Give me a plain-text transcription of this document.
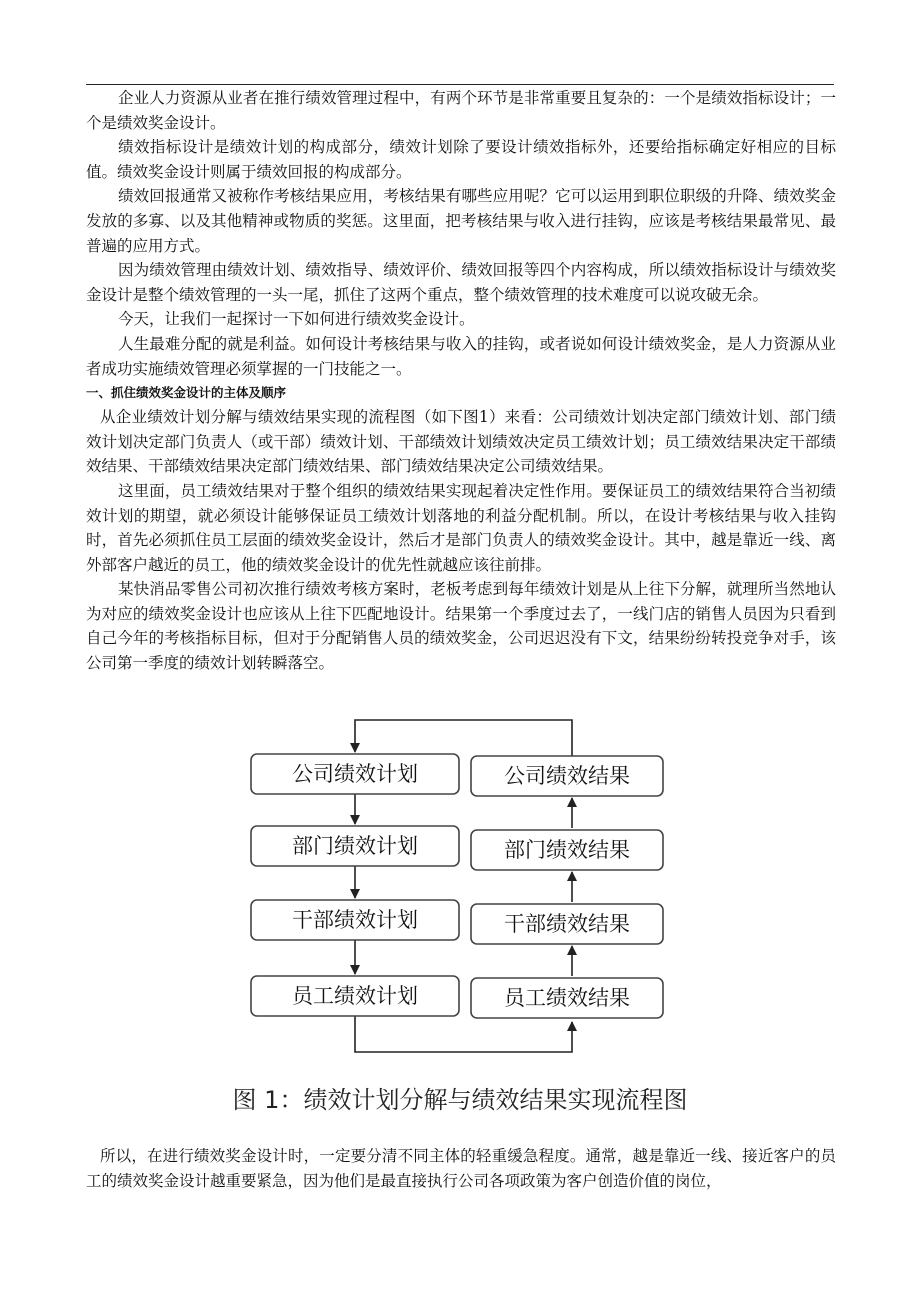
企业人力资源从业者在推行绩效管理过程中，有两个环节是非常重要且复杂的：一个是绩效指标设计；一个是绩效奖金设计。

绩效指标设计是绩效计划的构成部分，绩效计划除了要设计绩效指标外，还要给指标确定好相应的目标值。绩效奖金设计则属于绩效回报的构成部分。

绩效回报通常又被称作考核结果应用，考核结果有哪些应用呢？它可以运用到职位职级的升降、绩效奖金发放的多寡、以及其他精神或物质的奖惩。这里面，把考核结果与收入进行挂钩，应该是考核结果最常见、最普遍的应用方式。

因为绩效管理由绩效计划、绩效指导、绩效评价、绩效回报等四个内容构成，所以绩效指标设计与绩效奖金设计是整个绩效管理的一头一尾，抓住了这两个重点，整个绩效管理的技术难度可以说攻破无余。

今天，让我们一起探讨一下如何进行绩效奖金设计。

人生最难分配的就是利益。如何设计考核结果与收入的挂钩，或者说如何设计绩效奖金，是人力资源从业者成功实施绩效管理必须掌握的一门技能之一。

一、抓住绩效奖金设计的主体及顺序

从企业绩效计划分解与绩效结果实现的流程图（如下图1）来看：公司绩效计划决定部门绩效计划、部门绩效计划决定部门负责人（或干部）绩效计划、干部绩效计划绩效决定员工绩效计划；员工绩效结果决定干部绩效结果、干部绩效结果决定部门绩效结果、部门绩效结果决定公司绩效结果。

这里面，员工绩效结果对于整个组织的绩效结果实现起着决定性作用。要保证员工的绩效结果符合当初绩效计划的期望，就必须设计能够保证员工绩效计划落地的利益分配机制。所以，在设计考核结果与收入挂钩时，首先必须抓住员工层面的绩效奖金设计，然后才是部门负责人的绩效奖金设计。其中，越是靠近一线、离外部客户越近的员工，他的绩效奖金设计的优先性就越应该往前排。

某快消品零售公司初次推行绩效考核方案时，老板考虑到每年绩效计划是从上往下分解，就理所当然地认为对应的绩效奖金设计也应该从上往下匹配地设计。结果第一个季度过去了，一线门店的销售人员因为只看到自己今年的考核指标目标，但对于分配销售人员的绩效奖金，公司迟迟没有下文，结果纷纷转投竞争对手，该公司第一季度的绩效计划转瞬落空。

公司绩效计划
部门绩效计划
干部绩效计划
员工绩效计划
公司绩效结果
部门绩效结果
干部绩效结果
员工绩效结果
图 1：绩效计划分解与绩效结果实现流程图

所以，在进行绩效奖金设计时，一定要分清不同主体的轻重缓急程度。通常，越是靠近一线、接近客户的员工的绩效奖金设计越重要紧急，因为他们是最直接执行公司各项政策为客户创造价值的岗位，
